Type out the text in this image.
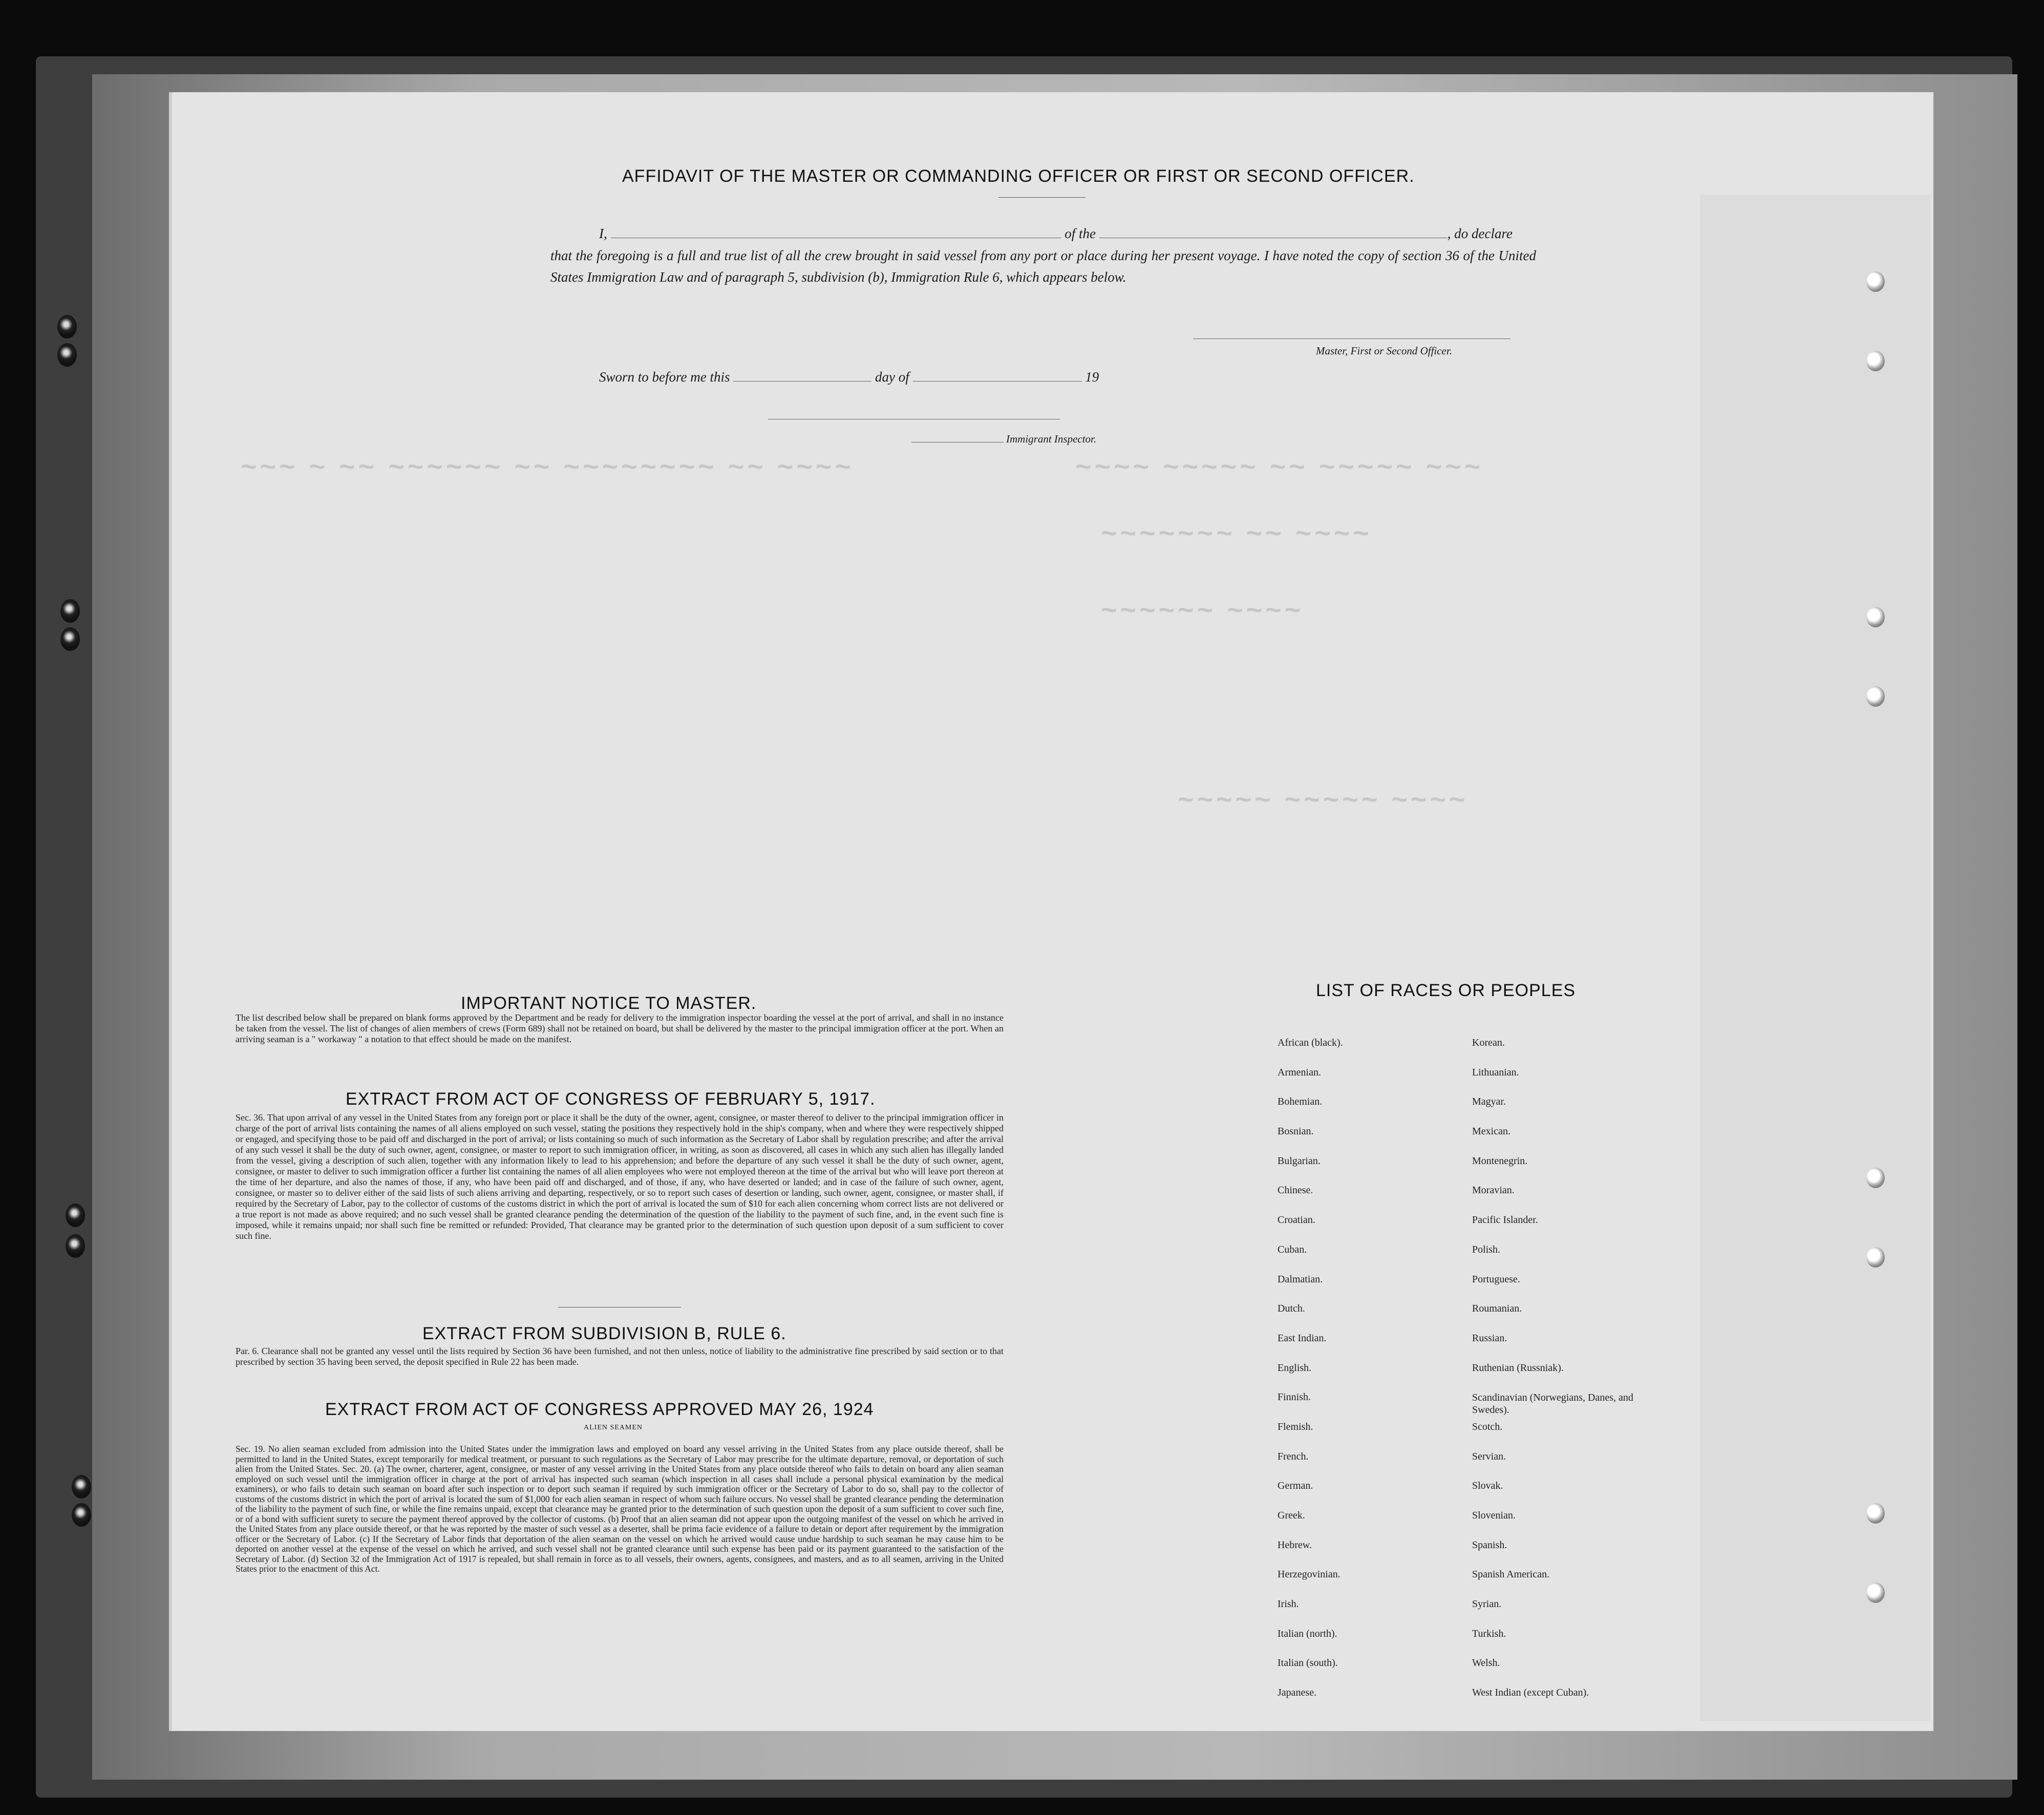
~~~ ~ ~~ ~~~~~~ ~~ ~~~~~~~~ ~~ ~~~~	~~~~ ~~~~~ ~~ ~~~~~ ~~~
~~~~~~~ ~~ ~~~~
~~~~~~ ~~~~
~~~~~ ~~~~~ ~~~~
AFFIDAVIT OF THE MASTER OR COMMANDING OFFICER OR FIRST OR SECOND OFFICER.
I,	of the	, do declare
that the foregoing is a full and true list of all the crew brought in said vessel from any port or place during her present voyage. I have noted the copy of section 36 of the United States Immigration Law and of paragraph 5, subdivision (b), Immigration Rule 6, which appears below.
Master, First or Second Officer.
Sworn to before me this	day of	19
Immigrant Inspector.
IMPORTANT NOTICE TO MASTER.
The list described below shall be prepared on blank forms approved by the Department and be ready for delivery to the immigration inspector boarding the vessel at the port of arrival, and shall in no instance be taken from the vessel. The list of changes of alien members of crews (Form 689) shall not be retained on board, but shall be delivered by the master to the principal immigration officer at the port. When an arriving seaman is a " workaway " a notation to that effect should be made on the manifest.
EXTRACT FROM ACT OF CONGRESS OF FEBRUARY 5, 1917.
Sec. 36. That upon arrival of any vessel in the United States from any foreign port or place it shall be the duty of the owner, agent, consignee, or master thereof to deliver to the principal immigration officer in charge of the port of arrival lists containing the names of all aliens employed on such vessel, stating the positions they respectively hold in the ship's company, when and where they were respectively shipped or engaged, and specifying those to be paid off and discharged in the port of arrival; or lists containing so much of such information as the Secretary of Labor shall by regulation prescribe; and after the arrival of any such vessel it shall be the duty of such owner, agent, consignee, or master to report to such immigration officer, in writing, as soon as discovered, all cases in which any such alien has illegally landed from the vessel, giving a description of such alien, together with any information likely to lead to his apprehension; and before the departure of any such vessel it shall be the duty of such owner, agent, consignee, or master to deliver to such immigration officer a further list containing the names of all alien employees who were not employed thereon at the time of the arrival but who will leave port thereon at the time of her departure, and also the names of those, if any, who have been paid off and discharged, and of those, if any, who have deserted or landed; and in case of the failure of such owner, agent, consignee, or master so to deliver either of the said lists of such aliens arriving and departing, respectively, or so to report such cases of desertion or landing, such owner, agent, consignee, or master shall, if required by the Secretary of Labor, pay to the collector of customs of the customs district in which the port of arrival is located the sum of $10 for each alien concerning whom correct lists are not delivered or a true report is not made as above required; and no such vessel shall be granted clearance pending the determination of the question of the liability to the payment of such fine, and, in the event such fine is imposed, while it remains unpaid; nor shall such fine be remitted or refunded: Provided, That clearance may be granted prior to the determination of such question upon deposit of a sum sufficient to cover such fine.
EXTRACT FROM SUBDIVISION B, RULE 6.
Par. 6. Clearance shall not be granted any vessel until the lists required by Section 36 have been furnished, and not then unless, notice of liability to the administrative fine prescribed by said section or to that prescribed by section 35 having been served, the deposit specified in Rule 22 has been made.
EXTRACT FROM ACT OF CONGRESS APPROVED MAY 26, 1924
ALIEN SEAMEN
Sec. 19. No alien seaman excluded from admission into the United States under the immigration laws and employed on board any vessel arriving in the United States from any place outside thereof, shall be permitted to land in the United States, except temporarily for medical treatment, or pursuant to such regulations as the Secretary of Labor may prescribe for the ultimate departure, removal, or deportation of such alien from the United States. Sec. 20. (a) The owner, charterer, agent, consignee, or master of any vessel arriving in the United States from any place outside thereof who fails to detain on board any alien seaman employed on such vessel until the immigration officer in charge at the port of arrival has inspected such seaman (which inspection in all cases shall include a personal physical examination by the medical examiners), or who fails to detain such seaman on board after such inspection or to deport such seaman if required by such immigration officer or the Secretary of Labor to do so, shall pay to the collector of customs of the customs district in which the port of arrival is located the sum of $1,000 for each alien seaman in respect of whom such failure occurs. No vessel shall be granted clearance pending the determination of the liability to the payment of such fine, or while the fine remains unpaid, except that clearance may be granted prior to the determination of such question upon the deposit of a sum sufficient to cover such fine, or of a bond with sufficient surety to secure the payment thereof approved by the collector of customs. (b) Proof that an alien seaman did not appear upon the outgoing manifest of the vessel on which he arrived in the United States from any place outside thereof, or that he was reported by the master of such vessel as a deserter, shall be prima facie evidence of a failure to detain or deport after requirement by the immigration officer or the Secretary of Labor. (c) If the Secretary of Labor finds that deportation of the alien seaman on the vessel on which he arrived would cause undue hardship to such seaman he may cause him to be deported on another vessel at the expense of the vessel on which he arrived, and such vessel shall not be granted clearance until such expense has been paid or its payment guaranteed to the satisfaction of the Secretary of Labor. (d) Section 32 of the Immigration Act of 1917 is repealed, but shall remain in force as to all vessels, their owners, agents, consignees, and masters, and as to all seamen, arriving in the United States prior to the enactment of this Act.
LIST OF RACES OR PEOPLES
African (black).
Armenian.
Bohemian.
Bosnian.
Bulgarian.
Chinese.
Croatian.
Cuban.
Dalmatian.
Dutch.
East Indian.
English.
Finnish.
Flemish.
French.
German.
Greek.
Hebrew.
Herzegovinian.
Irish.
Italian (north).
Italian (south).
Japanese.
Korean.
Lithuanian.
Magyar.
Mexican.
Montenegrin.
Moravian.
Pacific Islander.
Polish.
Portuguese.
Roumanian.
Russian.
Ruthenian (Russniak).
Scandinavian (Norwegians, Danes, and Swedes).
Scotch.
Servian.
Slovak.
Slovenian.
Spanish.
Spanish American.
Syrian.
Turkish.
Welsh.
West Indian (except Cuban).
